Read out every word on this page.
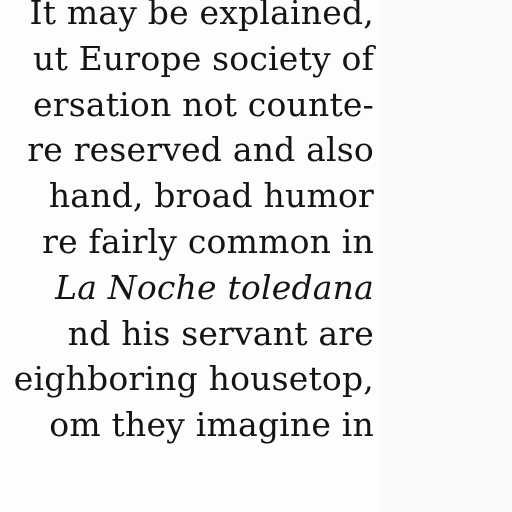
It may be explained,
ut Europe society of
ersation not counte-
re reserved and also
hand, broad humor
re fairly common in
La Noche toledana
nd his servant are
eighboring housetop,
om they imagine in
